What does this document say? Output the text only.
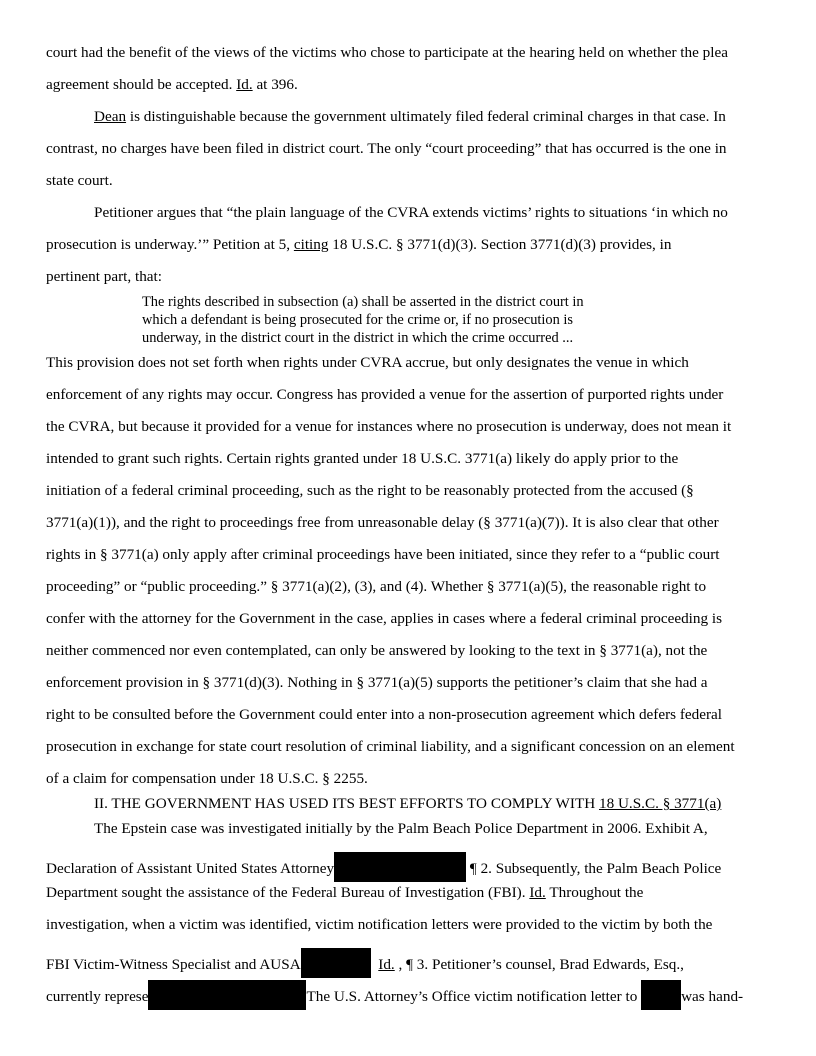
court had the benefit of the views of the victims who chose to participate at the hearing held on whether the plea
agreement should be accepted. Id. at 396.
Dean is distinguishable because the government ultimately filed federal criminal charges in that case. In
contrast, no charges have been filed in district court. The only “court proceeding” that has occurred is the one in
state court.
Petitioner argues that “the plain language of the CVRA extends victims’ rights to situations ‘in which no
prosecution is underway.’” Petition at 5, citing 18 U.S.C. § 3771(d)(3). Section 3771(d)(3) provides, in
pertinent part, that:
The rights described in subsection (a) shall be asserted in the district court in
which a defendant is being prosecuted for the crime or, if no prosecution is
underway, in the district court in the district in which the crime occurred ...
This provision does not set forth when rights under CVRA accrue, but only designates the venue in which
enforcement of any rights may occur. Congress has provided a venue for the assertion of purported rights under
the CVRA, but because it provided for a venue for instances where no prosecution is underway, does not mean it
intended to grant such rights. Certain rights granted under 18 U.S.C. 3771(a) likely do apply prior to the
initiation of a federal criminal proceeding, such as the right to be reasonably protected from the accused (§
3771(a)(1)), and the right to proceedings free from unreasonable delay (§ 3771(a)(7)). It is also clear that other
rights in § 3771(a) only apply after criminal proceedings have been initiated, since they refer to a “public court
proceeding” or “public proceeding.” § 3771(a)(2), (3), and (4). Whether § 3771(a)(5), the reasonable right to
confer with the attorney for the Government in the case, applies in cases where a federal criminal proceeding is
neither commenced nor even contemplated, can only be answered by looking to the text in § 3771(a), not the
enforcement provision in § 3771(d)(3). Nothing in § 3771(a)(5) supports the petitioner’s claim that she had a
right to be consulted before the Government could enter into a non-prosecution agreement which defers federal
prosecution in exchange for state court resolution of criminal liability, and a significant concession on an element
of a claim for compensation under 18 U.S.C. § 2255.
II. THE GOVERNMENT HAS USED ITS BEST EFFORTS TO COMPLY WITH 18 U.S.C. § 3771(a)
The Epstein case was investigated initially by the Palm Beach Police Department in 2006. Exhibit A,
Declaration of Assistant United States Attorney	¶ 2. Subsequently, the Palm Beach Police
Department sought the assistance of the Federal Bureau of Investigation (FBI). Id. Throughout the
investigation, when a victim was identified, victim notification letters were provided to the victim by both the
FBI Victim-Witness Specialist and AUSA	Id. , ¶ 3. Petitioner’s counsel, Brad Edwards, Esq.,
currently represe	The U.S. Attorney’s Office victim notification letter to	was hand-
